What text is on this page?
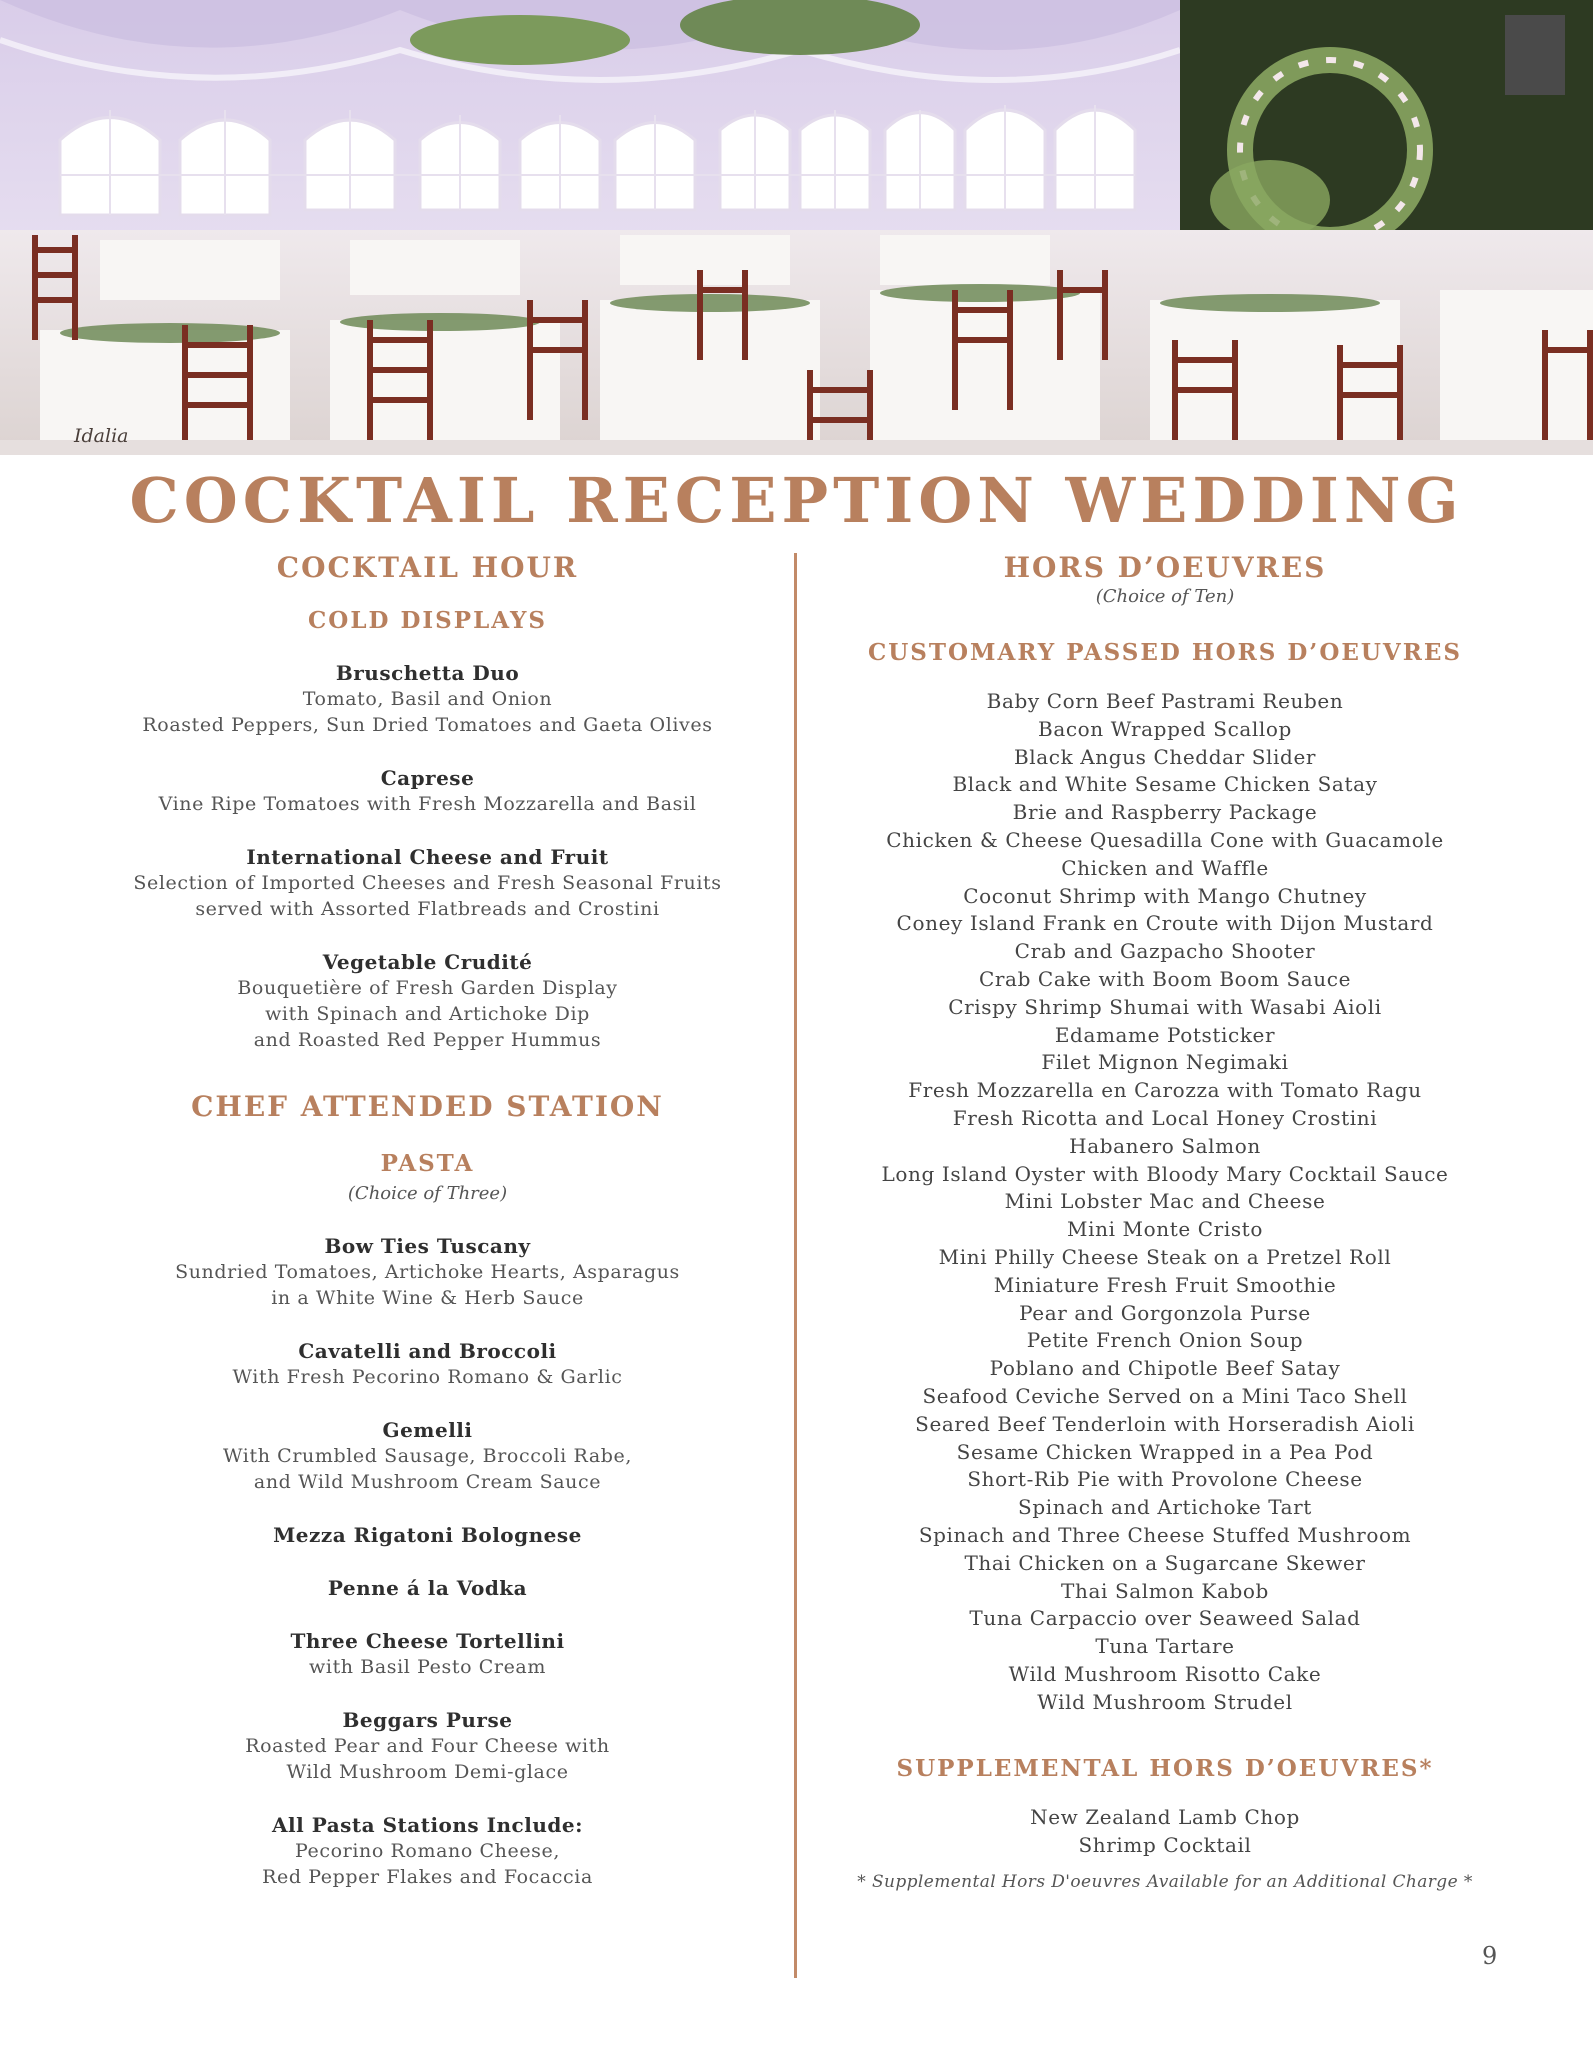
Idalia
COCKTAIL RECEPTION WEDDING
COCKTAIL HOUR
COLD DISPLAYS
Bruschetta Duo
Tomato, Basil and Onion
Roasted Peppers, Sun Dried Tomatoes and Gaeta Olives
Caprese
Vine Ripe Tomatoes with Fresh Mozzarella and Basil
International Cheese and Fruit
Selection of Imported Cheeses and Fresh Seasonal Fruits
served with Assorted Flatbreads and Crostini
Vegetable Crudité
Bouquetière of Fresh Garden Display
with Spinach and Artichoke Dip
and Roasted Red Pepper Hummus
CHEF ATTENDED STATION
PASTA
(Choice of Three)
Bow Ties Tuscany
Sundried Tomatoes, Artichoke Hearts, Asparagus
in a White Wine & Herb Sauce
Cavatelli and Broccoli
With Fresh Pecorino Romano & Garlic
Gemelli
With Crumbled Sausage, Broccoli Rabe,
and Wild Mushroom Cream Sauce
Mezza Rigatoni Bolognese
Penne á la Vodka
Three Cheese Tortellini
with Basil Pesto Cream
Beggars Purse
Roasted Pear and Four Cheese with
Wild Mushroom Demi-glace
All Pasta Stations Include:
Pecorino Romano Cheese,
Red Pepper Flakes and Focaccia
HORS D’OEUVRES
(Choice of Ten)
CUSTOMARY PASSED HORS D’OEUVRES
Baby Corn Beef Pastrami Reuben
Bacon Wrapped Scallop
Black Angus Cheddar Slider
Black and White Sesame Chicken Satay
Brie and Raspberry Package
Chicken & Cheese Quesadilla Cone with Guacamole
Chicken and Waffle
Coconut Shrimp with Mango Chutney
Coney Island Frank en Croute with Dijon Mustard
Crab and Gazpacho Shooter
Crab Cake with Boom Boom Sauce
Crispy Shrimp Shumai with Wasabi Aioli
Edamame Potsticker
Filet Mignon Negimaki
Fresh Mozzarella en Carozza with Tomato Ragu
Fresh Ricotta and Local Honey Crostini
Habanero Salmon
Long Island Oyster with Bloody Mary Cocktail Sauce
Mini Lobster Mac and Cheese
Mini Monte Cristo
Mini Philly Cheese Steak on a Pretzel Roll
Miniature Fresh Fruit Smoothie
Pear and Gorgonzola Purse
Petite French Onion Soup
Poblano and Chipotle Beef Satay
Seafood Ceviche Served on a Mini Taco Shell
Seared Beef Tenderloin with Horseradish Aioli
Sesame Chicken Wrapped in a Pea Pod
Short-Rib Pie with Provolone Cheese
Spinach and Artichoke Tart
Spinach and Three Cheese Stuffed Mushroom
Thai Chicken on a Sugarcane Skewer
Thai Salmon Kabob
Tuna Carpaccio over Seaweed Salad
Tuna Tartare
Wild Mushroom Risotto Cake
Wild Mushroom Strudel
SUPPLEMENTAL HORS D’OEUVRES*
New Zealand Lamb Chop
Shrimp Cocktail
* Supplemental Hors D'oeuvres Available for an Additional Charge *
9
